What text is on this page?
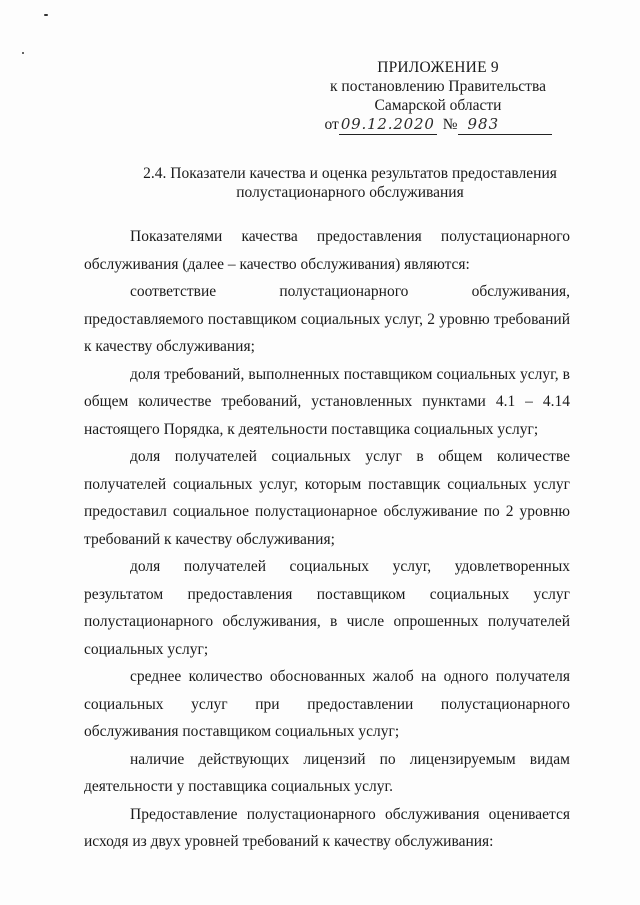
ПРИЛОЖЕНИЕ 9
к постановлению Правительства
Самарской области
от 09.12.2020 № 983
2.4. Показатели качества и оценка результатов предоставления
полустационарного обслуживания

Показателями качества предоставления полустационарного обслуживания (далее – качество обслуживания) являются:

соответствие полустационарного обслуживания, предоставляемого поставщиком социальных услуг, 2 уровню требований к качеству обслуживания;

доля требований, выполненных поставщиком социальных услуг, в общем количестве требований, установленных пунктами 4.1 – 4.14 настоящего Порядка, к деятельности поставщика социальных услуг;

доля получателей социальных услуг в общем количестве получателей социальных услуг, которым поставщик социальных услуг предоставил социальное полустационарное обслуживание по 2 уровню требований к качеству обслуживания;

доля получателей социальных услуг, удовлетворенных результатом предоставления поставщиком социальных услуг полустационарного обслуживания, в числе опрошенных получателей социальных услуг;

среднее количество обоснованных жалоб на одного получателя социальных услуг при предоставлении полустационарного обслуживания поставщиком социальных услуг;

наличие действующих лицензий по лицензируемым видам деятельности у поставщика социальных услуг.

Предоставление полустационарного обслуживания оценивается исходя из двух уровней требований к качеству обслуживания:
